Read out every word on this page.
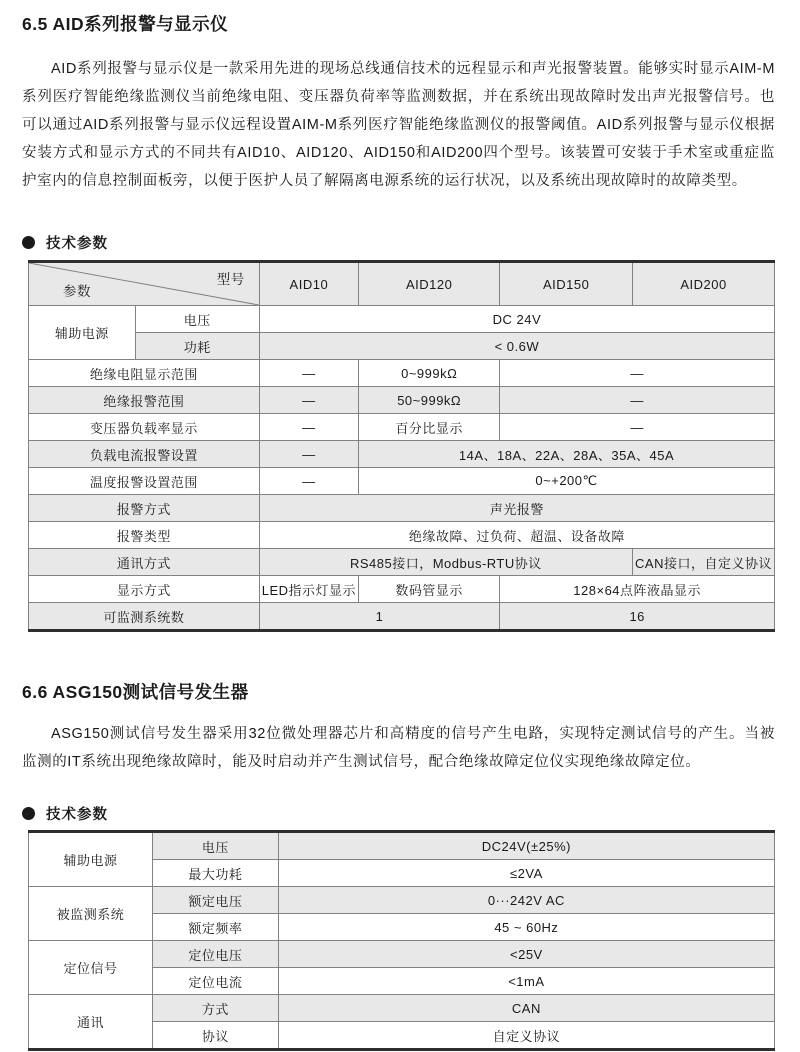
6.5 AID系列报警与显示仪

AID系列报警与显示仪是一款采用先进的现场总线通信技术的远程显示和声光报警装置。能够实时显示AIM-M系列医疗智能绝缘监测仪当前绝缘电阻、变压器负荷率等监测数据，并在系统出现故障时发出声光报警信号。也可以通过AID系列报警与显示仪远程设置AIM-M系列医疗智能绝缘监测仪的报警阈值。AID系列报警与显示仪根据安装方式和显示方式的不同共有AID10、AID120、AID150和AID200四个型号。该装置可安装于手术室或重症监护室内的信息控制面板旁，以便于医护人员了解隔离电源系统的运行状况，以及系统出现故障时的故障类型。

技术参数
型号
参数		AID10	AID120	AID150	AID200
辅助电源	电压	DC 24V			
	功耗	< 0.6W			
绝缘电阻显示范围		—	0~999kΩ	—	
绝缘报警范围		—	50~999kΩ	—	
变压器负载率显示		—	百分比显示	—	
负载电流报警设置		—	14A、18A、22A、28A、35A、45A		
温度报警设置范围		—	0~+200℃		
报警方式		声光报警			
报警类型		绝缘故障、过负荷、超温、设备故障			
通讯方式		RS485接口，Modbus-RTU协议			CAN接口，自定义协议
显示方式		LED指示灯显示	数码管显示	128×64点阵液晶显示	
可监测系统数		1		16	
6.6 ASG150测试信号发生器

ASG150测试信号发生器采用32位微处理器芯片和高精度的信号产生电路，实现特定测试信号的产生。当被监测的IT系统出现绝缘故障时，能及时启动并产生测试信号，配合绝缘故障定位仪实现绝缘故障定位。

技术参数
辅助电源	电压	DC24V(±25%)
	最大功耗	≤2VA
被监测系统	额定电压	0···242V AC
	额定频率	45 ~ 60Hz
定位信号	定位电压	<25V
	定位电流	<1mA
通讯	方式	CAN
	协议	自定义协议
